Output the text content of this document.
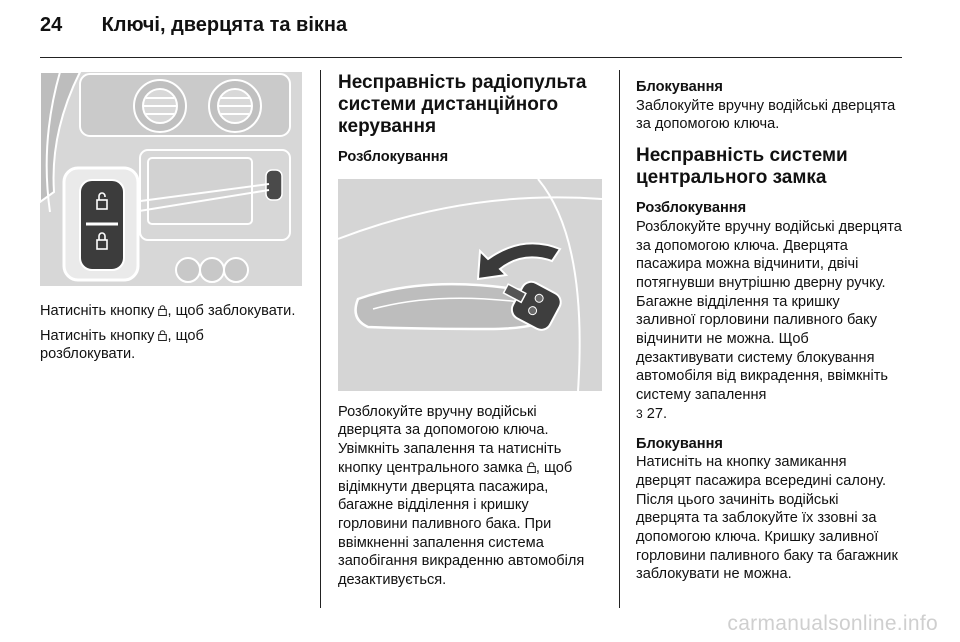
24 Ключі, дверцята та вікна

Натисніть кнопку , щоб заблокувати.

Натисніть кнопку , щоб розблокувати.

Несправність радіопульта системи дистанційного керування
Розблокування

Розблокуйте вручну водійські дверцята за допомогою ключа. Увімкніть запалення та натисніть кнопку центрального замка , щоб відімкнути дверцята пасажира, багажне відділення і кришку горловини паливного бака. При ввімкненні запалення система запобігання викраденню автомобіля дезактивується.

Блокування

Заблокуйте вручну водійські дверцята за допомогою ключа.

Несправність системи центрального замка
Розблокування

Розблокуйте вручну водійські дверцята за допомогою ключа. Дверцята пасажира можна відчинити, двічі потягнувши внутрішню дверну ручку. Багажне відділення та кришку заливної горловини паливного баку відчинити не можна. Щоб дезактивувати систему блокування автомобіля від викрадення, ввімкніть систему запалення
3 27.

Блокування

Натисніть на кнопку замикання дверцят пасажира всередині салону. Після цього зачиніть водійські дверцята та заблокуйте їх ззовні за допомогою ключа. Кришку заливної горловини паливного баку та багажник заблокувати не можна.

carmanualsonline.info
